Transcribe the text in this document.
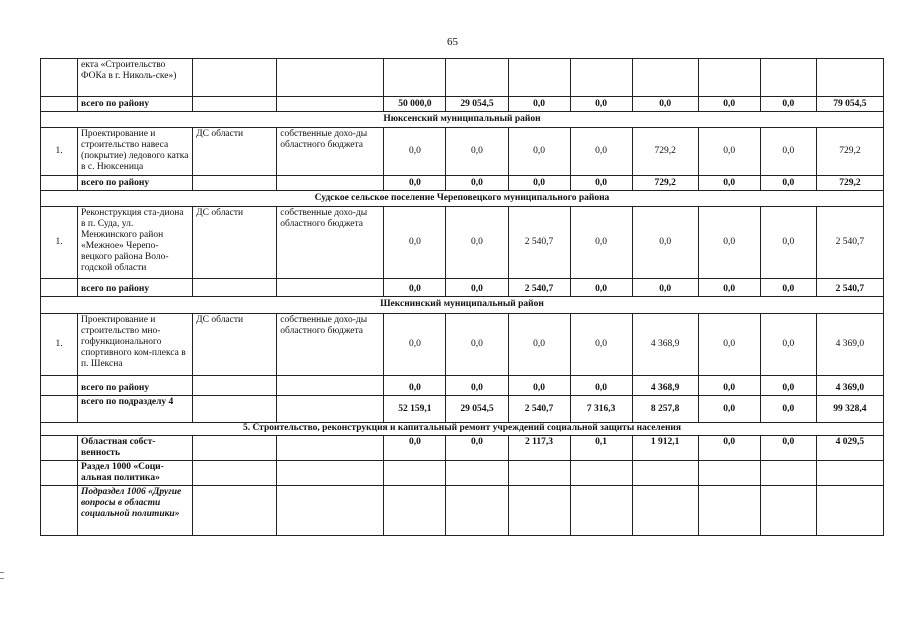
65
	екта «Строительство ФОКа в г. Николь-ске»)										
	всего по району			50 000,0	29 054,5	0,0	0,0	0,0	0,0	0,0	79 054,5
Нюксенский муниципальный район											
1.	Проектирование и строительство навеса (покрытие) ледового катка в с. Нюксеница	ДС области	собственные дохо-ды областного бюджета	0,0	0,0	0,0	0,0	729,2	0,0	0,0	729,2
	всего по району			0,0	0,0	0,0	0,0	729,2	0,0	0,0	729,2
Судское сельское поселение Череповецкого муниципального района											
1.	Реконструкция ста-диона в п. Суда, ул. Менжинского район «Межное» Черепо-вецкого района Воло-годской области	ДС области	собственные дохо-ды областного бюджета	0,0	0,0	2 540,7	0,0	0,0	0,0	0,0	2 540,7
	всего по району			0,0	0,0	2 540,7	0,0	0,0	0,0	0,0	2 540,7
Шекснинский муниципальный район											
1.	Проектирование и строительство мно-гофункционального спортивного ком-плекса в п. Шексна	ДС области	собственные дохо-ды областного бюджета	0,0	0,0	0,0	0,0	4 368,9	0,0	0,0	4 369,0
	всего по району			0,0	0,0	0,0	0,0	4 368,9	0,0	0,0	4 369,0
	всего по подразделу 4			52 159,1	29 054,5	2 540,7	7 316,3	8 257,8	0,0	0,0	99 328,4
5. Строительство, реконструкция и капитальный ремонт учреждений социальной защиты населения											
	Областная собст-венность			0,0	0,0	2 117,3	0,1	1 912,1	0,0	0,0	4 029,5
	Раздел 1000 «Соци-альная политика»										
	Подраздел 1006 «Другие вопросы в области социальной политики»										
